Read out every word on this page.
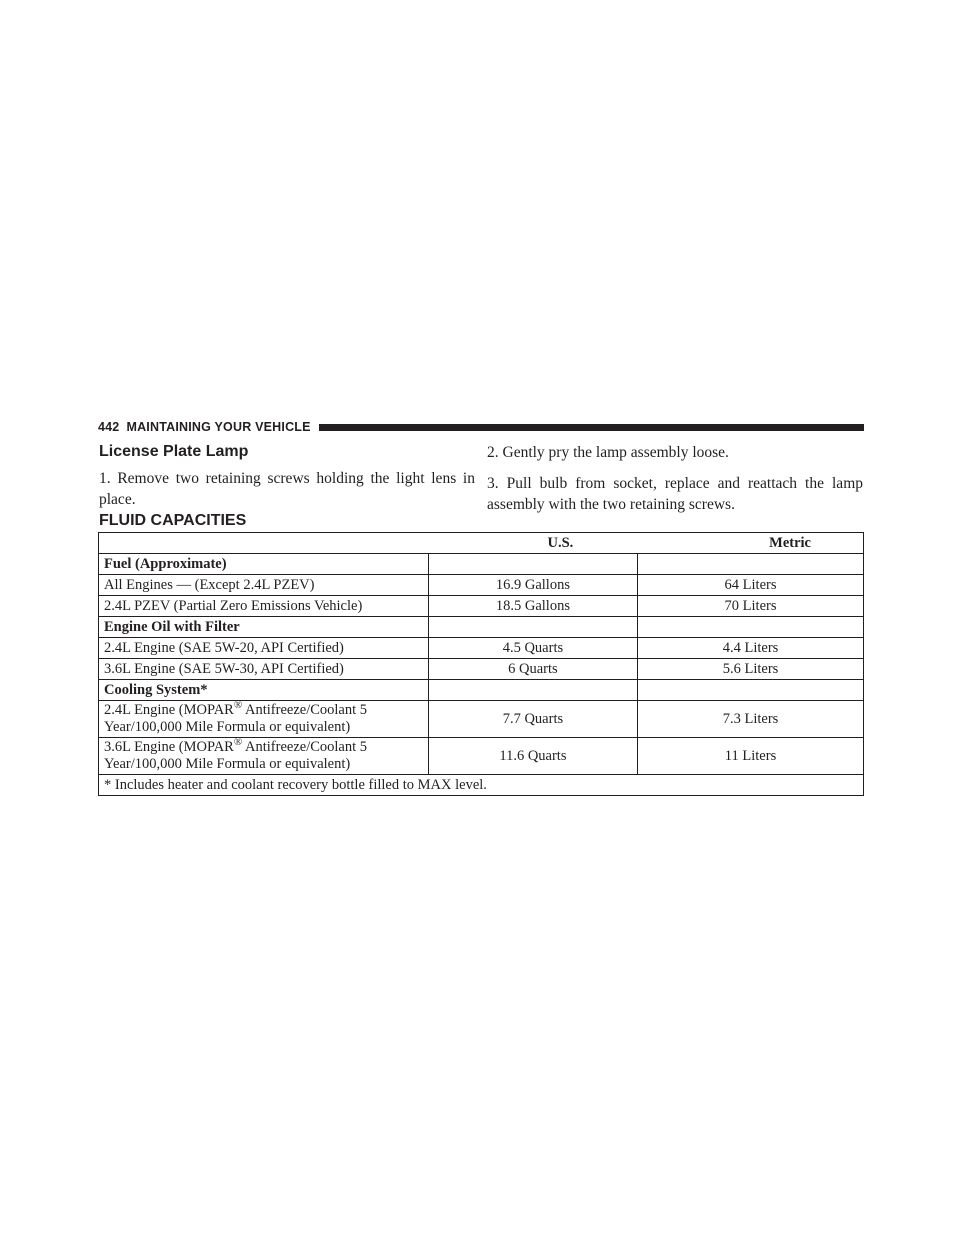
442 MAINTAINING YOUR VEHICLE
License Plate Lamp

1. Remove two retaining screws holding the light lens in place.

2. Gently pry the lamp assembly loose.

3. Pull bulb from socket, replace and reattach the lamp assembly with the two retaining screws.

FLUID CAPACITIES
	U.S.	Metric
Fuel (Approximate)		
All Engines — (Except 2.4L PZEV)	16.9 Gallons	64 Liters
2.4L PZEV (Partial Zero Emissions Vehicle)	18.5 Gallons	70 Liters
Engine Oil with Filter		
2.4L Engine (SAE 5W-20, API Certified)	4.5 Quarts	4.4 Liters
3.6L Engine (SAE 5W-30, API Certified)	6 Quarts	5.6 Liters
Cooling System*		
2.4L Engine (MOPAR® Antifreeze/Coolant 5
Year/100,000 Mile Formula or equivalent)	7.7 Quarts	7.3 Liters
3.6L Engine (MOPAR® Antifreeze/Coolant 5
Year/100,000 Mile Formula or equivalent)	11.6 Quarts	11 Liters
* Includes heater and coolant recovery bottle filled to MAX level.		
